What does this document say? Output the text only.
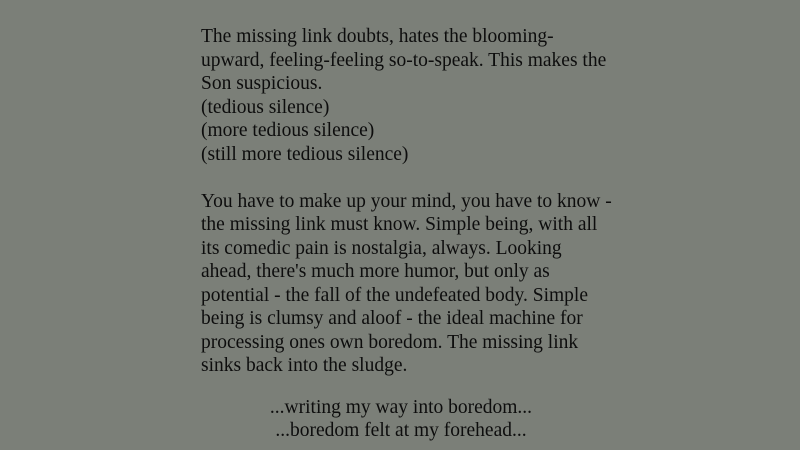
The missing link doubts, hates the blooming-
upward, feeling-feeling so-to-speak. This makes the
Son suspicious.
(tedious silence)
(more tedious silence)
(still more tedious silence)

You have to make up your mind, you have to know -
the missing link must know. Simple being, with all
its comedic pain is nostalgia, always. Looking
ahead, there's much more humor, but only as
potential - the fall of the undefeated body. Simple
being is clumsy and aloof - the ideal machine for
processing ones own boredom. The missing link
sinks back into the sludge.

...writing my way into boredom...
...boredom felt at my forehead...
